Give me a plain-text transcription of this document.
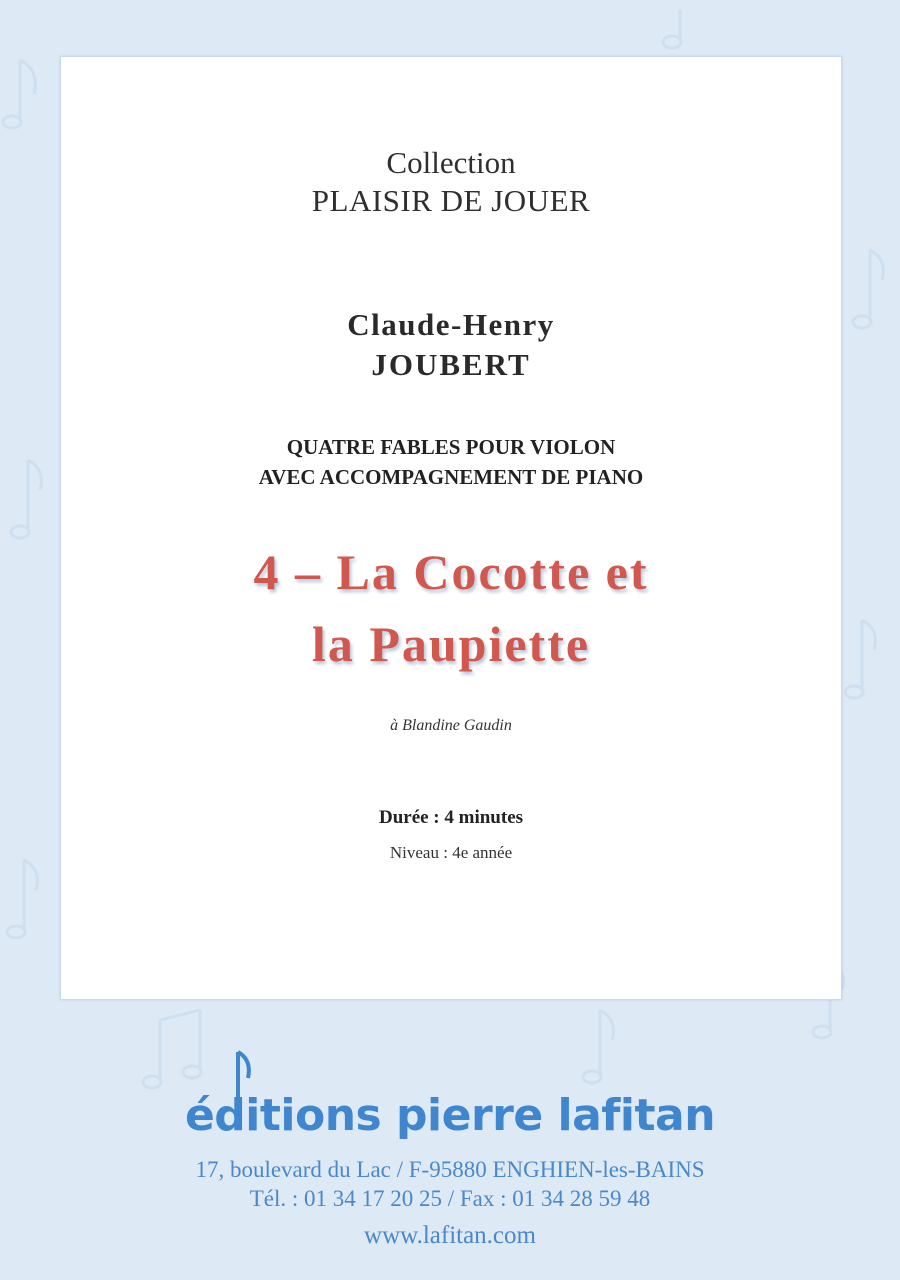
Collection
PLAISIR DE JOUER
Claude-Henry
JOUBERT
QUATRE FABLES POUR VIOLON
AVEC ACCOMPAGNEMENT DE PIANO
4 – La Cocotte et
la Paupiette
à Blandine Gaudin
Durée : 4 minutes
Niveau : 4e année
éditions pierre lafitan
17, boulevard du Lac / F-95880 ENGHIEN-les-BAINS
Tél. : 01 34 17 20 25 / Fax : 01 34 28 59 48
www.lafitan.com
